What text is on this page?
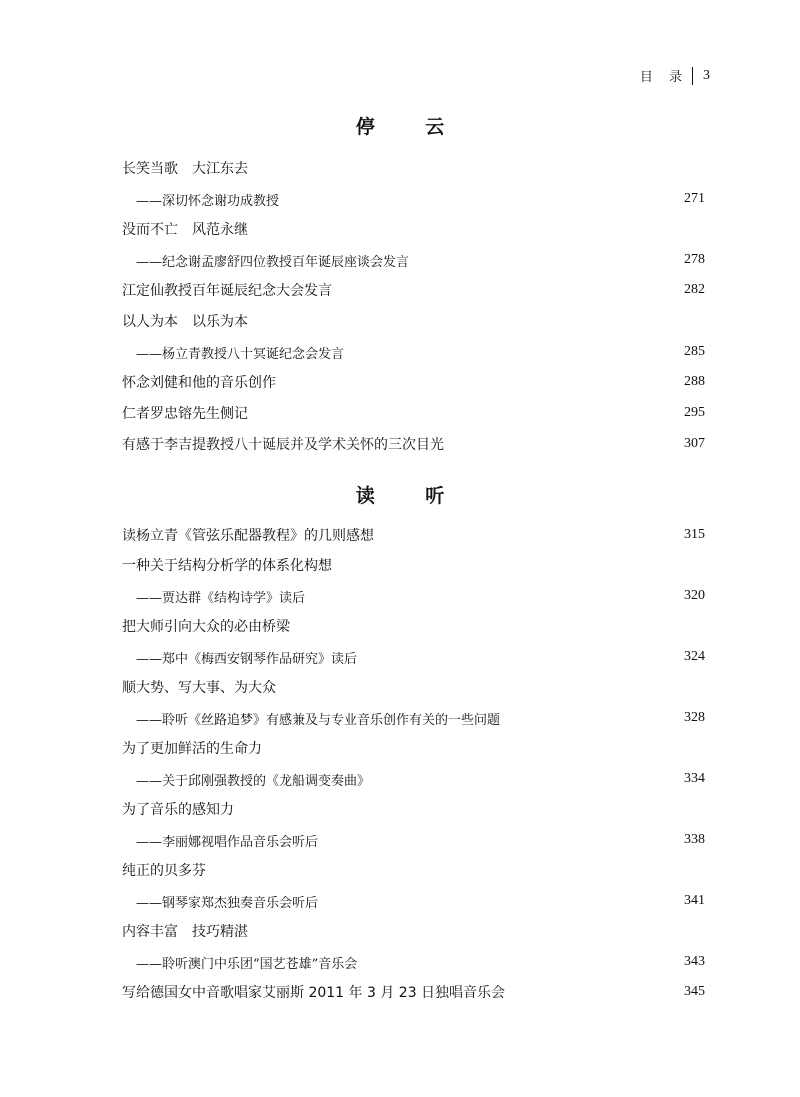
目 录 3
停 云
长笑当歌　大江东去
——深切怀念谢功成教授	271
没而不亡　风范永继
——纪念谢孟廖舒四位教授百年诞辰座谈会发言	278
江定仙教授百年诞辰纪念大会发言	282
以人为本　以乐为本
——杨立青教授八十冥诞纪念会发言	285
怀念刘健和他的音乐创作	288
仁者罗忠镕先生侧记	295
有感于李吉提教授八十诞辰并及学术关怀的三次目光	307
读 听
读杨立青《管弦乐配器教程》的几则感想	315
一种关于结构分析学的体系化构想
——贾达群《结构诗学》读后	320
把大师引向大众的必由桥梁
——郑中《梅西安钢琴作品研究》读后	324
顺大势、写大事、为大众
——聆听《丝路追梦》有感兼及与专业音乐创作有关的一些问题	328
为了更加鲜活的生命力
——关于邱刚强教授的《龙船调变奏曲》	334
为了音乐的感知力
——李丽娜视唱作品音乐会听后	338
纯正的贝多芬
——钢琴家郑杰独奏音乐会听后	341
内容丰富　技巧精湛
——聆听澳门中乐团“国艺苍雄”音乐会	343
写给德国女中音歌唱家艾丽斯 2011 年 3 月 23 日独唱音乐会	345
